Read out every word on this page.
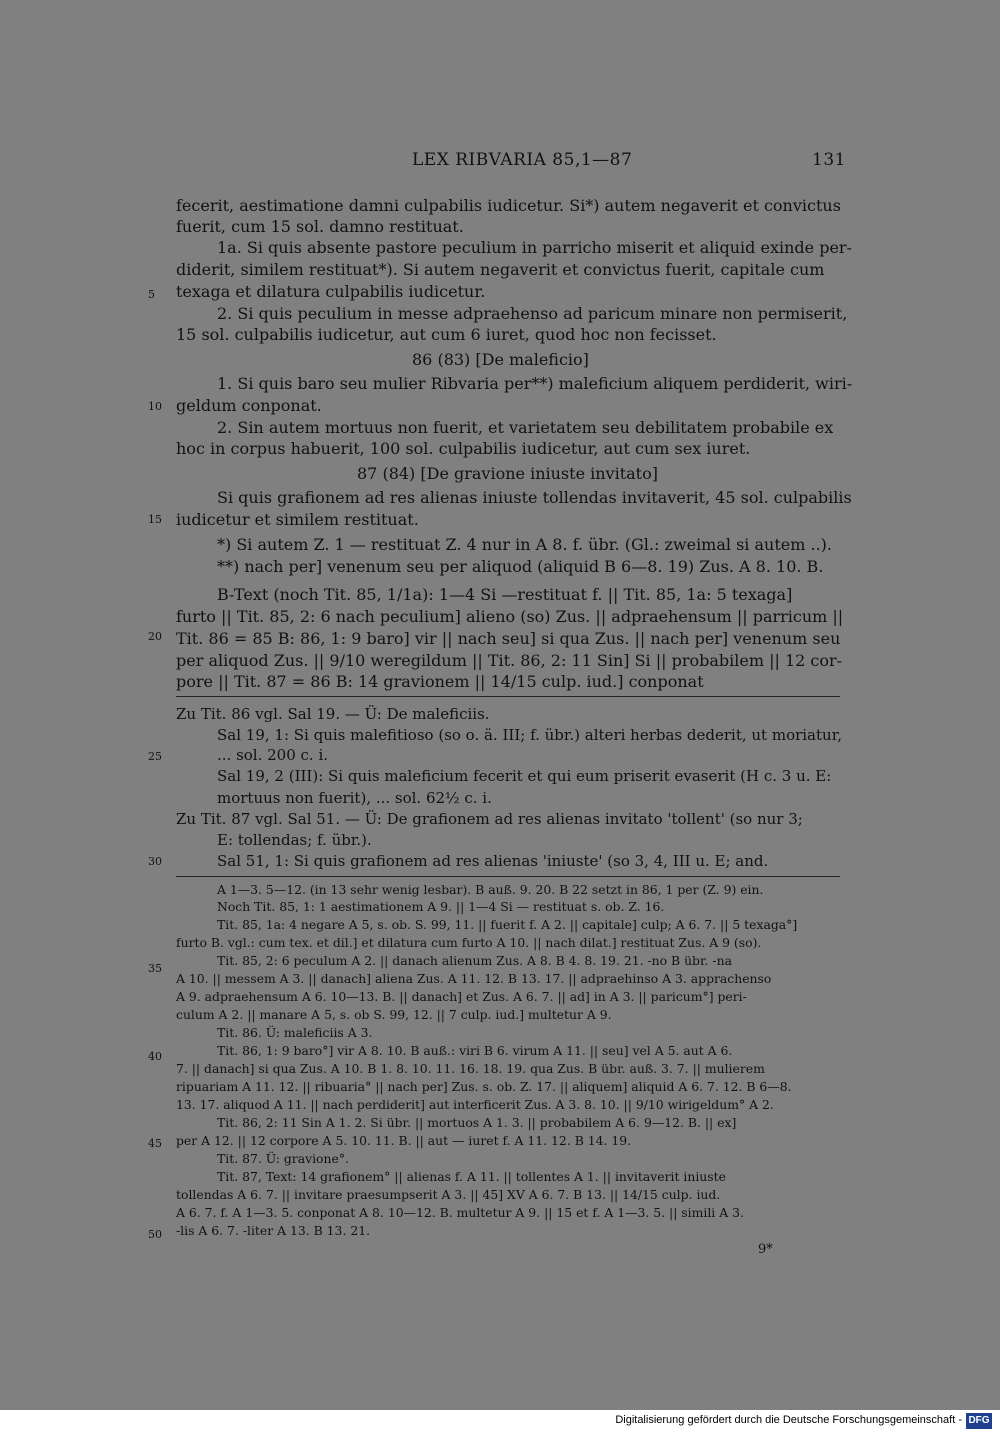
LEX RIBVARIA 85,1—87	131
5
10
15
20
25
30
35
40
45
50
fecerit, aestimatione damni culpabilis iudicetur. Si*) autem negaverit et convictus
fuerit, cum 15 sol. damno restituat.
1a. Si quis absente pastore peculium in parricho miserit et aliquid exinde per-
diderit, similem restituat*). Si autem negaverit et convictus fuerit, capitale cum
texaga et dilatura culpabilis iudicetur.
2. Si quis peculium in messe adpraehenso ad paricum minare non permiserit,
15 sol. culpabilis iudicetur, aut cum 6 iuret, quod hoc non fecisset.
86 (83) [De maleficio]
1. Si quis baro seu mulier Ribvaria per**) maleficium aliquem perdiderit, wiri-
geldum conponat.
2. Sin autem mortuus non fuerit, et varietatem seu debilitatem probabile ex
hoc in corpus habuerit, 100 sol. culpabilis iudicetur, aut cum sex iuret.
87 (84) [De gravione iniuste invitato]
Si quis grafionem ad res alienas iniuste tollendas invitaverit, 45 sol. culpabilis
iudicetur et similem restituat.
*) Si autem Z. 1 — restituat Z. 4 nur in A 8. f. übr. (Gl.: zweimal si autem ..).
**) nach per] venenum seu per aliquod (aliquid B 6—8. 19) Zus. A 8. 10. B.
B-Text (noch Tit. 85, 1/1a): 1—4 Si —restituat f. || Tit. 85, 1a: 5 texaga]
furto || Tit. 85, 2: 6 nach peculium] alieno (so) Zus. || adpraehensum || parricum ||
Tit. 86 = 85 B: 86, 1: 9 baro] vir || nach seu] si qua Zus. || nach per] venenum seu
per aliquod Zus. || 9/10 weregildum || Tit. 86, 2: 11 Sin] Si || probabilem || 12 cor-
pore || Tit. 87 = 86 B: 14 gravionem || 14/15 culp. iud.] conponat
Zu Tit. 86 vgl. Sal 19. — Ü: De maleficiis.
Sal 19, 1: Si quis malefitioso (so o. ä. III; f. übr.) alteri herbas dederit, ut moriatur,
... sol. 200 c. i.
Sal 19, 2 (III): Si quis maleficium fecerit et qui eum priserit evaserit (H c. 3 u. E:
mortuus non fuerit), ... sol. 62½ c. i.
Zu Tit. 87 vgl. Sal 51. — Ü: De grafionem ad res alienas invitato 'tollent' (so nur 3;
E: tollendas; f. übr.).
Sal 51, 1: Si quis grafionem ad res alienas 'iniuste' (so 3, 4, III u. E; and.
A 1—3. 5—12. (in 13 sehr wenig lesbar). B auß. 9. 20. B 22 setzt in 86, 1 per (Z. 9) ein.
Noch Tit. 85, 1: 1 aestimationem A 9. || 1—4 Si — restituat s. ob. Z. 16.
Tit. 85, 1a: 4 negare A 5, s. ob. S. 99, 11. || fuerit f. A 2. || capitale] culp; A 6. 7. || 5 texaga°]
furto B. vgl.: cum tex. et dil.] et dilatura cum furto A 10. || nach dilat.] restituat Zus. A 9 (so).
Tit. 85, 2: 6 peculum A 2. || danach alienum Zus. A 8. B 4. 8. 19. 21. -no B übr. -na
A 10. || messem A 3. || danach] aliena Zus. A 11. 12. B 13. 17. || adpraehinso A 3. apprachenso
A 9. adpraehensum A 6. 10—13. B. || danach] et Zus. A 6. 7. || ad] in A 3. || paricum°] peri-
culum A 2. || manare A 5, s. ob S. 99, 12. || 7 culp. iud.] multetur A 9.
Tit. 86. Ü: maleficiis A 3.
Tit. 86, 1: 9 baro°] vir A 8. 10. B auß.: viri B 6. virum A 11. || seu] vel A 5. aut A 6.
7. || danach] si qua Zus. A 10. B 1. 8. 10. 11. 16. 18. 19. qua Zus. B übr. auß. 3. 7. || mulierem
ripuariam A 11. 12. || ribuaria° || nach per] Zus. s. ob. Z. 17. || aliquem] aliquid A 6. 7. 12. B 6—8.
13. 17. aliquod A 11. || nach perdiderit] aut interficerit Zus. A 3. 8. 10. || 9/10 wirigeldum° A 2.
Tit. 86, 2: 11 Sin A 1. 2. Si übr. || mortuos A 1. 3. || probabilem A 6. 9—12. B. || ex]
per A 12. || 12 corpore A 5. 10. 11. B. || aut — iuret f. A 11. 12. B 14. 19.
Tit. 87. Ü: gravione°.
Tit. 87, Text: 14 grafionem° || alienas f. A 11. || tollentes A 1. || invitaverit iniuste
tollendas A 6. 7. || invitare praesumpserit A 3. || 45] XV A 6. 7. B 13. || 14/15 culp. iud.
A 6. 7. f. A 1—3. 5. conponat A 8. 10—12. B. multetur A 9. || 15 et f. A 1—3. 5. || simili A 3.
-lis A 6. 7. -liter A 13. B 13. 21.
9*
Digitalisierung gefördert durch die Deutsche Forschungsgemeinschaft - DFG
